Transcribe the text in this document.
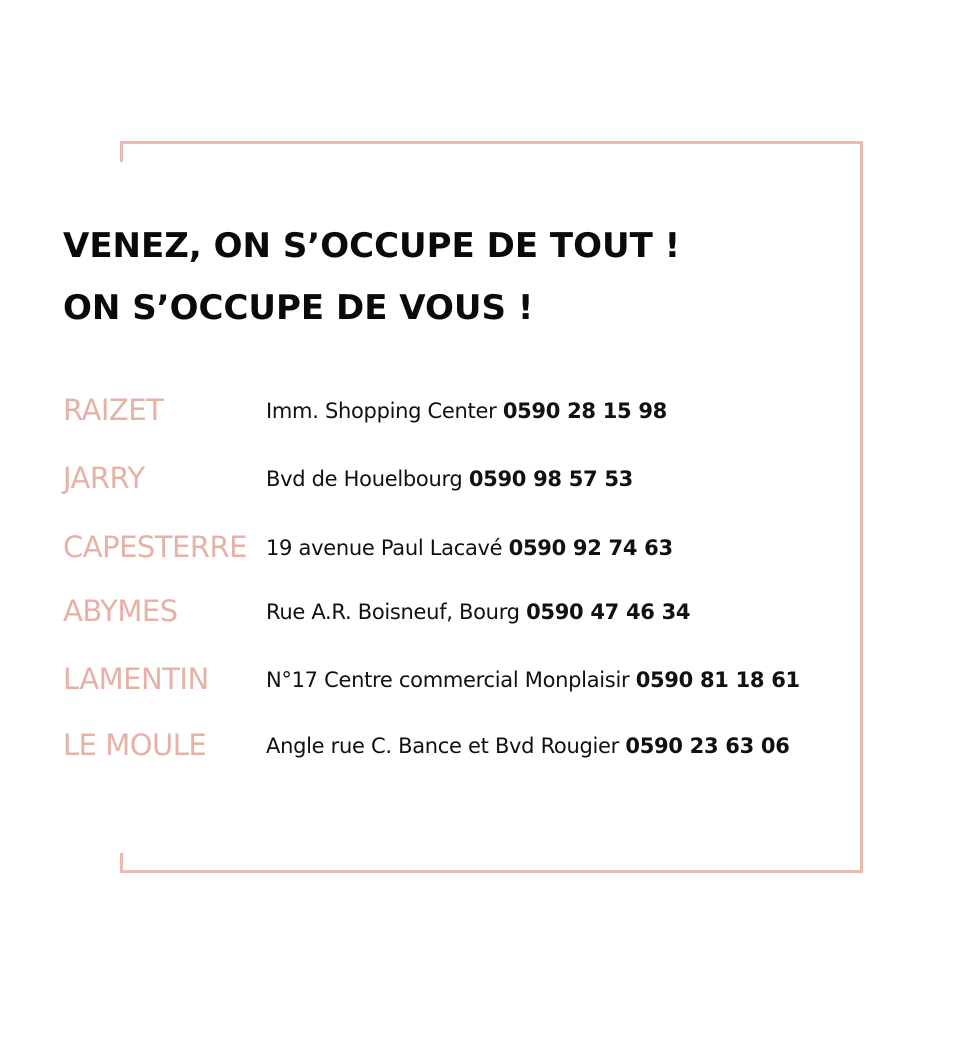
VENEZ, ON S’OCCUPE DE TOUT !
ON S’OCCUPE DE VOUS !
RAIZET	Imm. Shopping Center 0590 28 15 98
JARRY	Bvd de Houelbourg 0590 98 57 53
CAPESTERRE 19 avenue Paul Lacavé 0590 92 74 63
ABYMES	Rue A.R. Boisneuf, Bourg 0590 47 46 34
LAMENTIN	N°17 Centre commercial Monplaisir 0590 81 18 61
LE MOULE	Angle rue C. Bance et Bvd Rougier 0590 23 63 06
